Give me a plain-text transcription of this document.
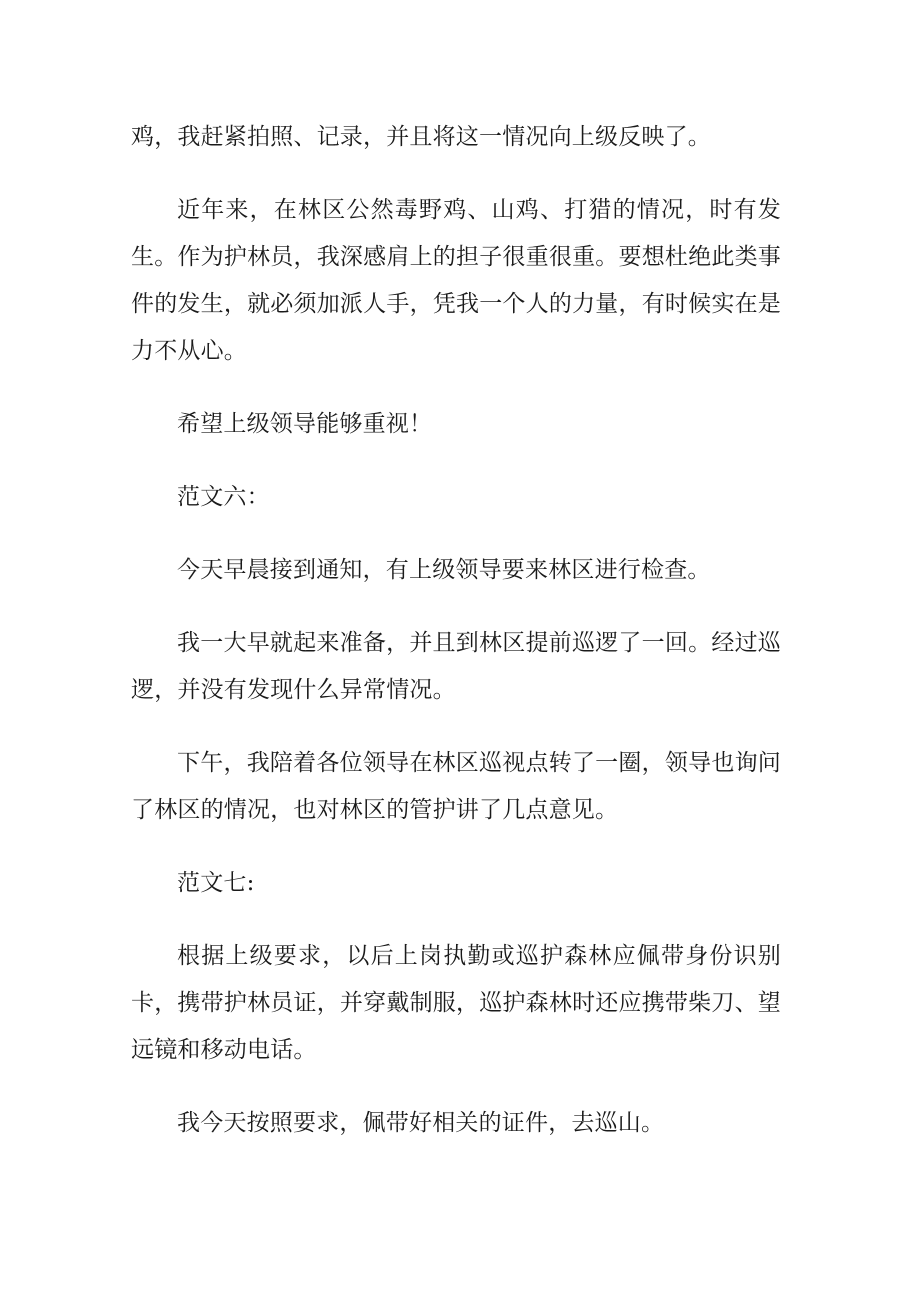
鸡，我赶紧拍照、记录，并且将这一情况向上级反映了。

近年来，在林区公然毒野鸡、山鸡、打猎的情况，时有发生。作为护林员，我深感肩上的担子很重很重。要想杜绝此类事件的发生，就必须加派人手，凭我一个人的力量，有时候实在是力不从心。

希望上级领导能够重视！

范文六：

今天早晨接到通知，有上级领导要来林区进行检查。

我一大早就起来准备，并且到林区提前巡逻了一回。经过巡逻，并没有发现什么异常情况。

下午，我陪着各位领导在林区巡视点转了一圈，领导也询问了林区的情况，也对林区的管护讲了几点意见。

范文七:

根据上级要求，以后上岗执勤或巡护森林应佩带身份识别卡，携带护林员证，并穿戴制服，巡护森林时还应携带柴刀、望远镜和移动电话。

我今天按照要求，佩带好相关的证件，去巡山。
